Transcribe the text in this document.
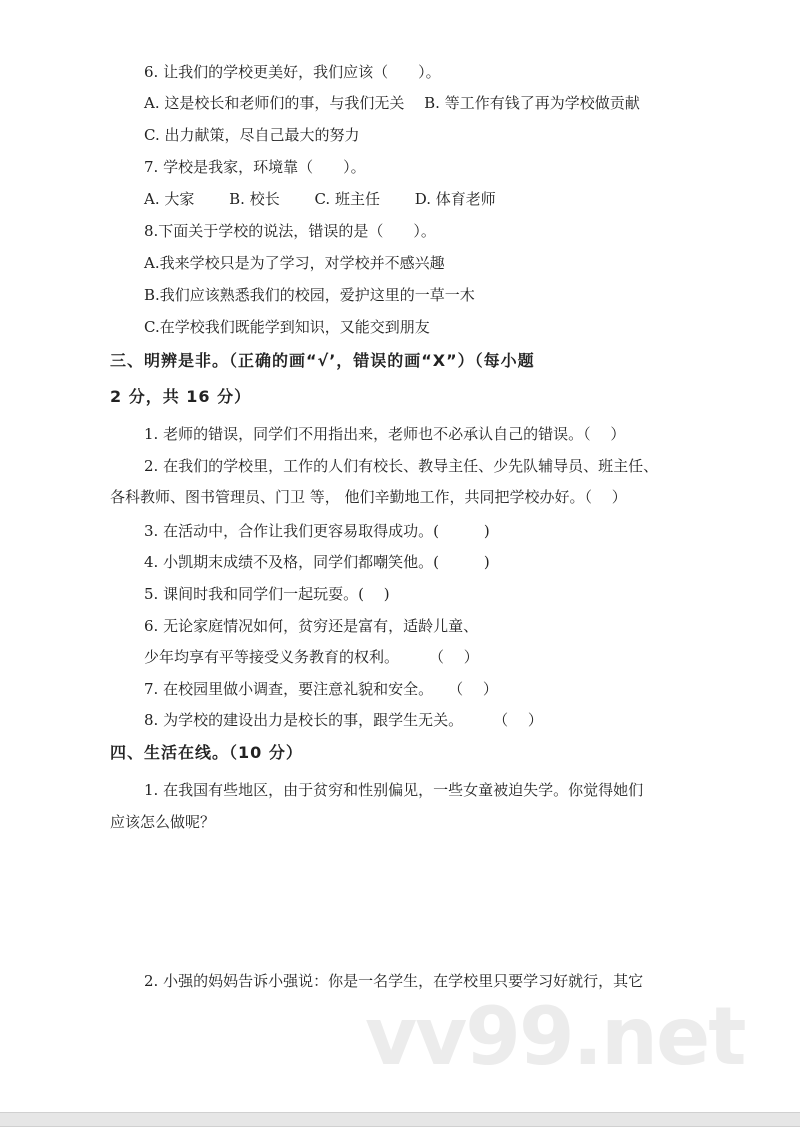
6. 让我们的学校更美好，我们应该（　　）。
A. 这是校长和老师们的事，与我们无关　 B. 等工作有钱了再为学校做贡献
C. 出力献策，尽自己最大的努力
7. 学校是我家，环境靠（　　）。
A. 大家　　 B. 校长　　 C. 班主任　　 D. 体育老师
8.下面关于学校的说法，错误的是（　　）。
A.我来学校只是为了学习，对学校并不感兴趣
B.我们应该熟悉我们的校园，爱护这里的一草一木
C.在学校我们既能学到知识，又能交到朋友
三、明辨是非。（正确的画“√’，错误的画“X”）（每小题
2 分，共 16 分）
1. 老师的错误，同学们不用指出来，老师也不必承认自己的错误。（　 ）
2. 在我们的学校里，工作的人们有校长、教导主任、少先队辅导员、班主任、
各科教师、图书管理员、门卫 等， 他们辛勤地工作，共同把学校办好。（　 ）
3. 在活动中，合作让我们更容易取得成功。(　　　)
4. 小凯期末成绩不及格，同学们都嘲笑他。(　　　)
5. 课间时我和同学们一起玩耍。(　 )
6. 无论家庭情况如何，贫穷还是富有，适龄儿童、
少年均享有平等接受义务教育的权利。　　　（　 ）
7. 在校园里做小调查，要注意礼貌和安全。　　（　 ）
8. 为学校的建设出力是校长的事，跟学生无关。　　　（　 ）
四、生活在线。（10 分）
1. 在我国有些地区，由于贫穷和性别偏见，一些女童被迫失学。你觉得她们
应该怎么做呢？
2. 小强的妈妈告诉小强说：你是一名学生，在学校里只要学习好就行，其它
vv99.net
